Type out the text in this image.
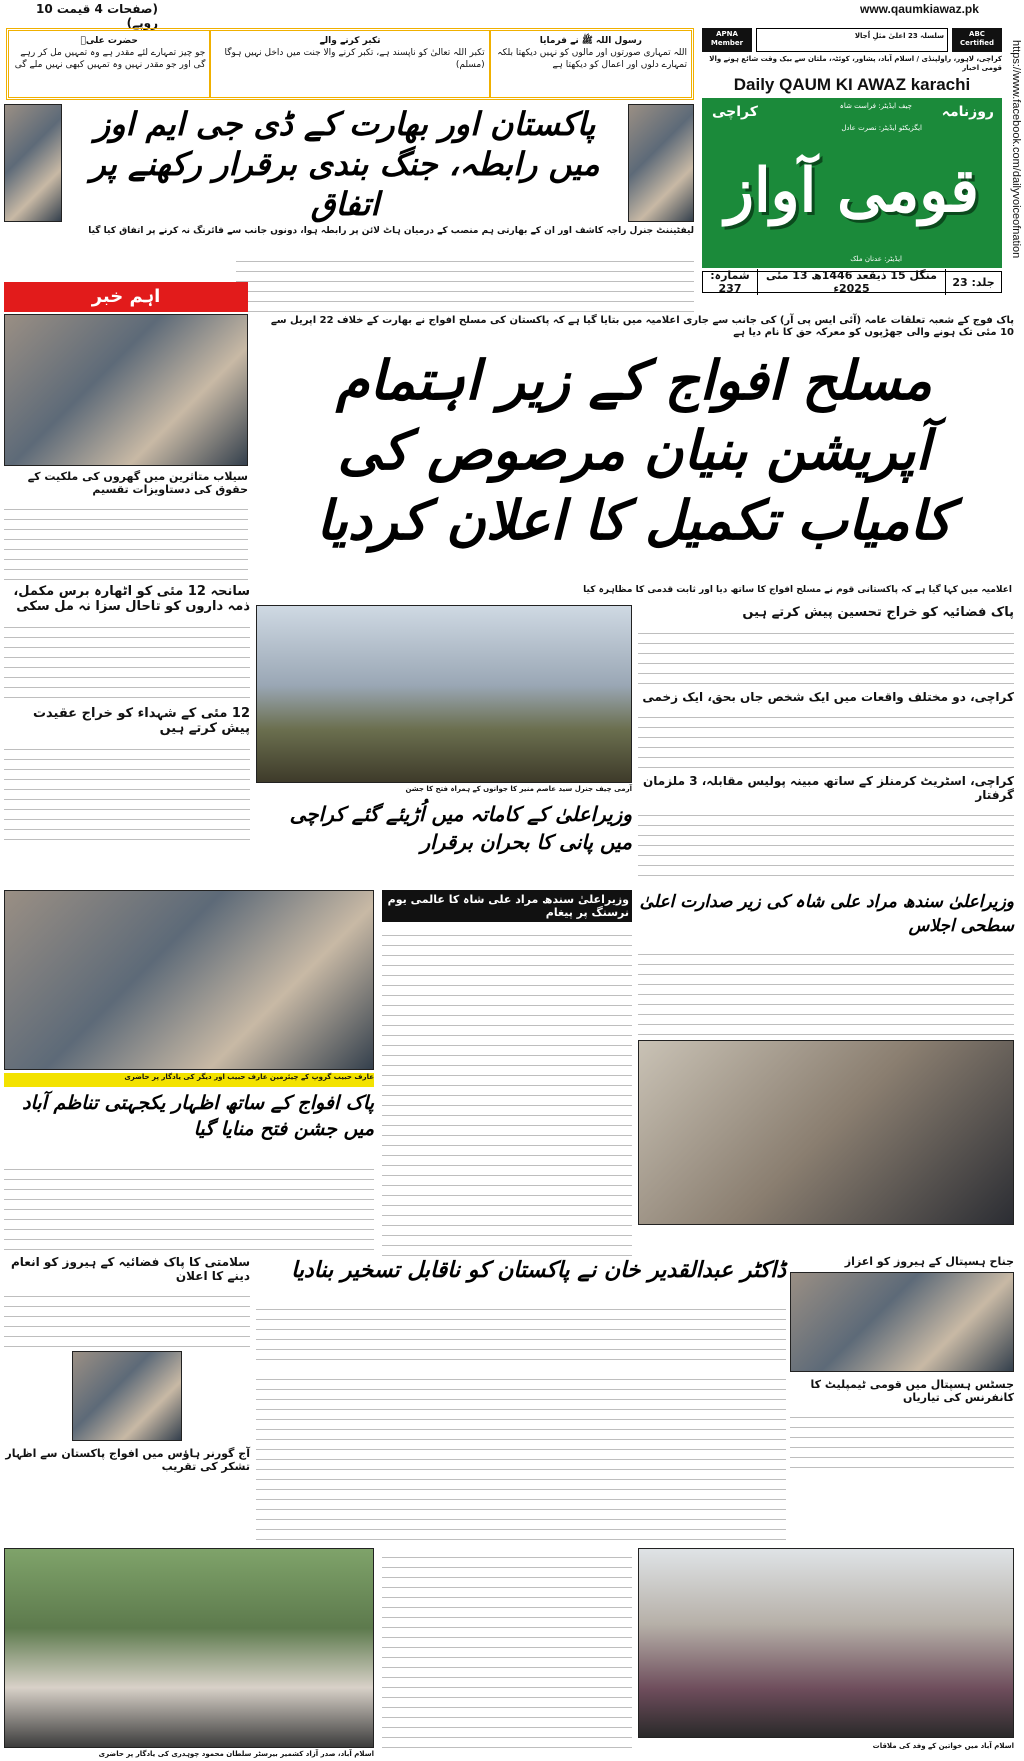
www.qaumkiawaz.pk
(صفحات 4 قیمت 10 روپے)
https://www.facebook.com/dailyvoiceofnation
حضرت علیؓ
جو چیز تمہارے لئے مقدر ہے وہ تمہیں مل کر رہے گی اور جو مقدر نہیں وہ تمہیں کبھی نہیں ملے گی
تکبر کرنے والے
تکبر اللہ تعالیٰ کو ناپسند ہے، تکبر کرنے والا جنت میں داخل نہیں ہوگا (مسلم)
رسول اللہ ﷺ نے فرمایا
اللہ تمہاری صورتوں اور مالوں کو نہیں دیکھتا بلکہ تمہارے دلوں اور اعمال کو دیکھتا ہے
APNA Member
سلسلہ 23 اعلیٰ مثلِ اُجالا	ABC Certified
کراچی، لاہور، راولپنڈی / اسلام آباد، پشاور، کوئٹہ، ملتان سے بیک وقت شائع ہونے والا قومی اخبار
Daily QAUM KI AWAZ karachi
روزنامہ
کراچی	چیف ایڈیٹر: فراست شاہ
ایگزیکٹو ایڈیٹر: نصرت عادل
قومی آواز
ایڈیٹر: عدنان ملک
شمارہ: 237
منگل 15 ذیقعد 1446ھ 13 مئی 2025ء	جلد: 23
پاکستان اور بھارت کے ڈی جی ایم اوز میں رابطہ، جنگ بندی برقرار رکھنے پر اتفاق
لیفٹیننٹ جنرل راجہ کاشف اور ان کے بھارتی ہم منصب کے درمیان ہاٹ لائن پر رابطہ ہوا، دونوں جانب سے فائرنگ نہ کرنے پر اتفاق کیا گیا
اہم خبر
سیلاب متاثرین میں گھروں کی ملکیت کے حقوق کی دستاویزات تقسیم
پاک فوج کے شعبہ تعلقات عامہ (آئی ایس پی آر) کی جانب سے جاری اعلامیہ میں بتایا گیا ہے کہ پاکستان کی مسلح افواج نے بھارت کے خلاف 22 اپریل سے 10 مئی تک ہونے والی جھڑپوں کو معرکہ حق کا نام دیا ہے
مسلح افواج کے زیر اہتمام آپریشن بنیان مرصوص کی کامیاب تکمیل کا اعلان کردیا
اعلامیہ میں کہا گیا ہے کہ پاکستانی قوم نے مسلح افواج کا ساتھ دیا اور ثابت قدمی کا مظاہرہ کیا
سانحہ 12 مئی کو اٹھارہ برس مکمل، ذمہ داروں کو تاحال سزا نہ مل سکی
12 مئی کے شہداء کو خراج عقیدت پیش کرتے ہیں
آرمی چیف جنرل سید عاصم منیر کا جوانوں کے ہمراہ فتح کا جشن
وزیراعلیٰ کے کاماتہ میں اُڑیئے گئے کراچی میں پانی کا بحران برقرار
پاک فضائیہ کو خراج تحسین پیش کرتے ہیں
کراچی، دو مختلف واقعات میں ایک شخص جاں بحق، ایک زخمی
کراچی، اسٹریٹ کرمنلز کے ساتھ مبینہ پولیس مقابلہ، 3 ملزمان گرفتار
عارف حبیب گروپ کے چیئرمین عارف حبیب اور دیگر کی یادگار پر حاضری
پاک افواج کے ساتھ اظہار یکجہتی تناظم آباد میں جشن فتح منایا گیا
وزیراعلیٰ سندھ مراد علی شاہ کا عالمی یوم نرسنگ پر پیغام
وزیراعلیٰ سندھ مراد علی شاہ کی زیر صدارت اعلیٰ سطحی اجلاس
سلامتی کا پاک فضائیہ کے ہیروز کو انعام دینے کا اعلان
آج گورنر ہاؤس میں افواج پاکستان سے اظہار تشکر کی تقریب
ڈاکٹر عبدالقدیر خان نے پاکستان کو ناقابل تسخیر بنادیا	جناح ہسپتال کے ہیروز کو اعزاز
جسٹس ہسپتال میں قومی ٹیمپلیٹ کا کانفرنس کی تیاریاں
اسلام آباد، صدر آزاد کشمیر بیرسٹر سلطان محمود چوہدری کی یادگار پر حاضری
اسلام آباد میں خواتین کے وفد کی ملاقات
